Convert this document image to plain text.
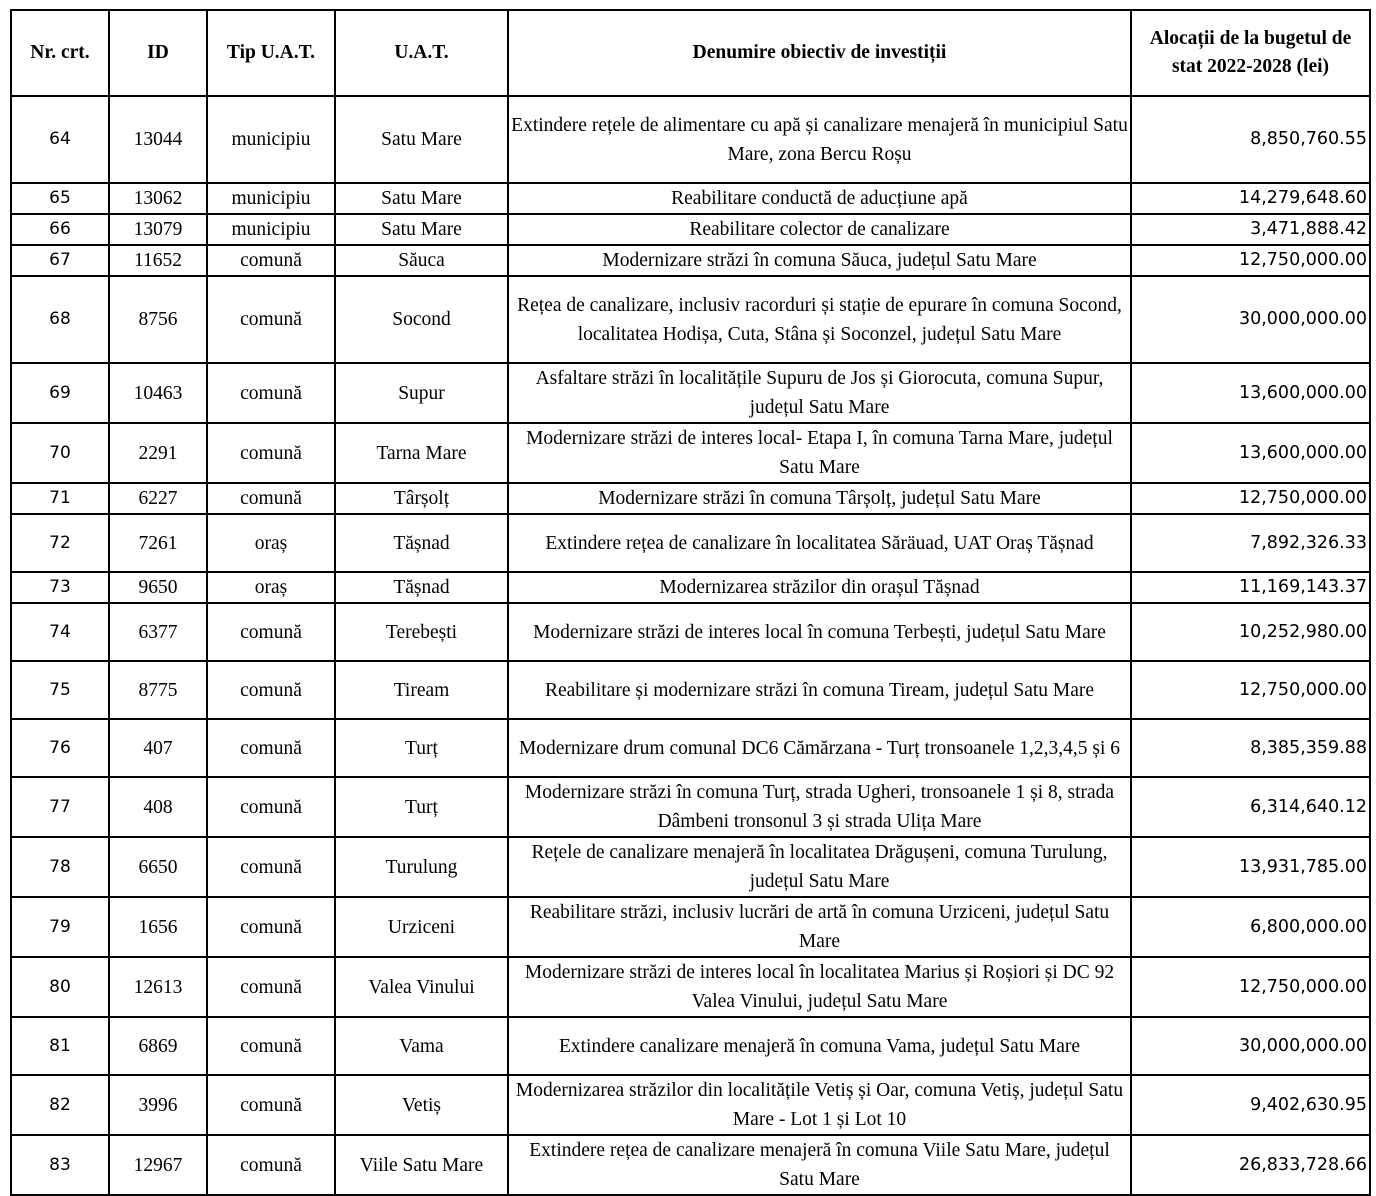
Nr. crt.	ID	Tip U.A.T.	U.A.T.	Denumire obiectiv de investiții	Alocații de la bugetul de stat 2022-2028 (lei)
64	13044	municipiu	Satu Mare	Extindere rețele de alimentare cu apă și canalizare menajeră în municipiul Satu Mare, zona Bercu Roșu	8,850,760.55
65	13062	municipiu	Satu Mare	Reabilitare conductă de aducțiune apă	14,279,648.60
66	13079	municipiu	Satu Mare	Reabilitare colector de canalizare	3,471,888.42
67	11652	comună	Săuca	Modernizare străzi în comuna Săuca, județul Satu Mare	12,750,000.00
68	8756	comună	Socond	Rețea de canalizare, inclusiv racorduri și stație de epurare în comuna Socond, localitatea Hodișa, Cuta, Stâna și Soconzel, județul Satu Mare	30,000,000.00
69	10463	comună	Supur	Asfaltare străzi în localitățile Supuru de Jos și Giorocuta, comuna Supur, județul Satu Mare	13,600,000.00
70	2291	comună	Tarna Mare	Modernizare străzi de interes local- Etapa I, în comuna Tarna Mare, județul Satu Mare	13,600,000.00
71	6227	comună	Târșolț	Modernizare străzi în comuna Târșolț, județul Satu Mare	12,750,000.00
72	7261	oraș	Tășnad	Extindere rețea de canalizare în localitatea Săräuad, UAT Oraș Tășnad	7,892,326.33
73	9650	oraș	Tășnad	Modernizarea străzilor din orașul Tășnad	11,169,143.37
74	6377	comună	Terebești	Modernizare străzi de interes local în comuna Terbești, județul Satu Mare	10,252,980.00
75	8775	comună	Tiream	Reabilitare și modernizare străzi în comuna Tiream, județul Satu Mare	12,750,000.00
76	407	comună	Turț	Modernizare drum comunal DC6 Cămărzana - Turț tronsoanele 1,2,3,4,5 și 6	8,385,359.88
77	408	comună	Turț	Modernizare străzi în comuna Turț, strada Ugheri, tronsoanele 1 și 8, strada Dâmbeni tronsonul 3 și strada Ulița Mare	6,314,640.12
78	6650	comună	Turulung	Rețele de canalizare menajeră în localitatea Drăgușeni, comuna Turulung, județul Satu Mare	13,931,785.00
79	1656	comună	Urziceni	Reabilitare străzi, inclusiv lucrări de artă în comuna Urziceni, județul Satu Mare	6,800,000.00
80	12613	comună	Valea Vinului	Modernizare străzi de interes local în localitatea Marius și Roșiori și DC 92 Valea Vinului, județul Satu Mare	12,750,000.00
81	6869	comună	Vama	Extindere canalizare menajeră în comuna Vama, județul Satu Mare	30,000,000.00
82	3996	comună	Vetiș	Modernizarea străzilor din localitățile Vetiș și Oar, comuna Vetiș, județul Satu Mare - Lot 1 și Lot 10	9,402,630.95
83	12967	comună	Viile Satu Mare	Extindere rețea de canalizare menajeră în comuna Viile Satu Mare, județul Satu Mare	26,833,728.66
